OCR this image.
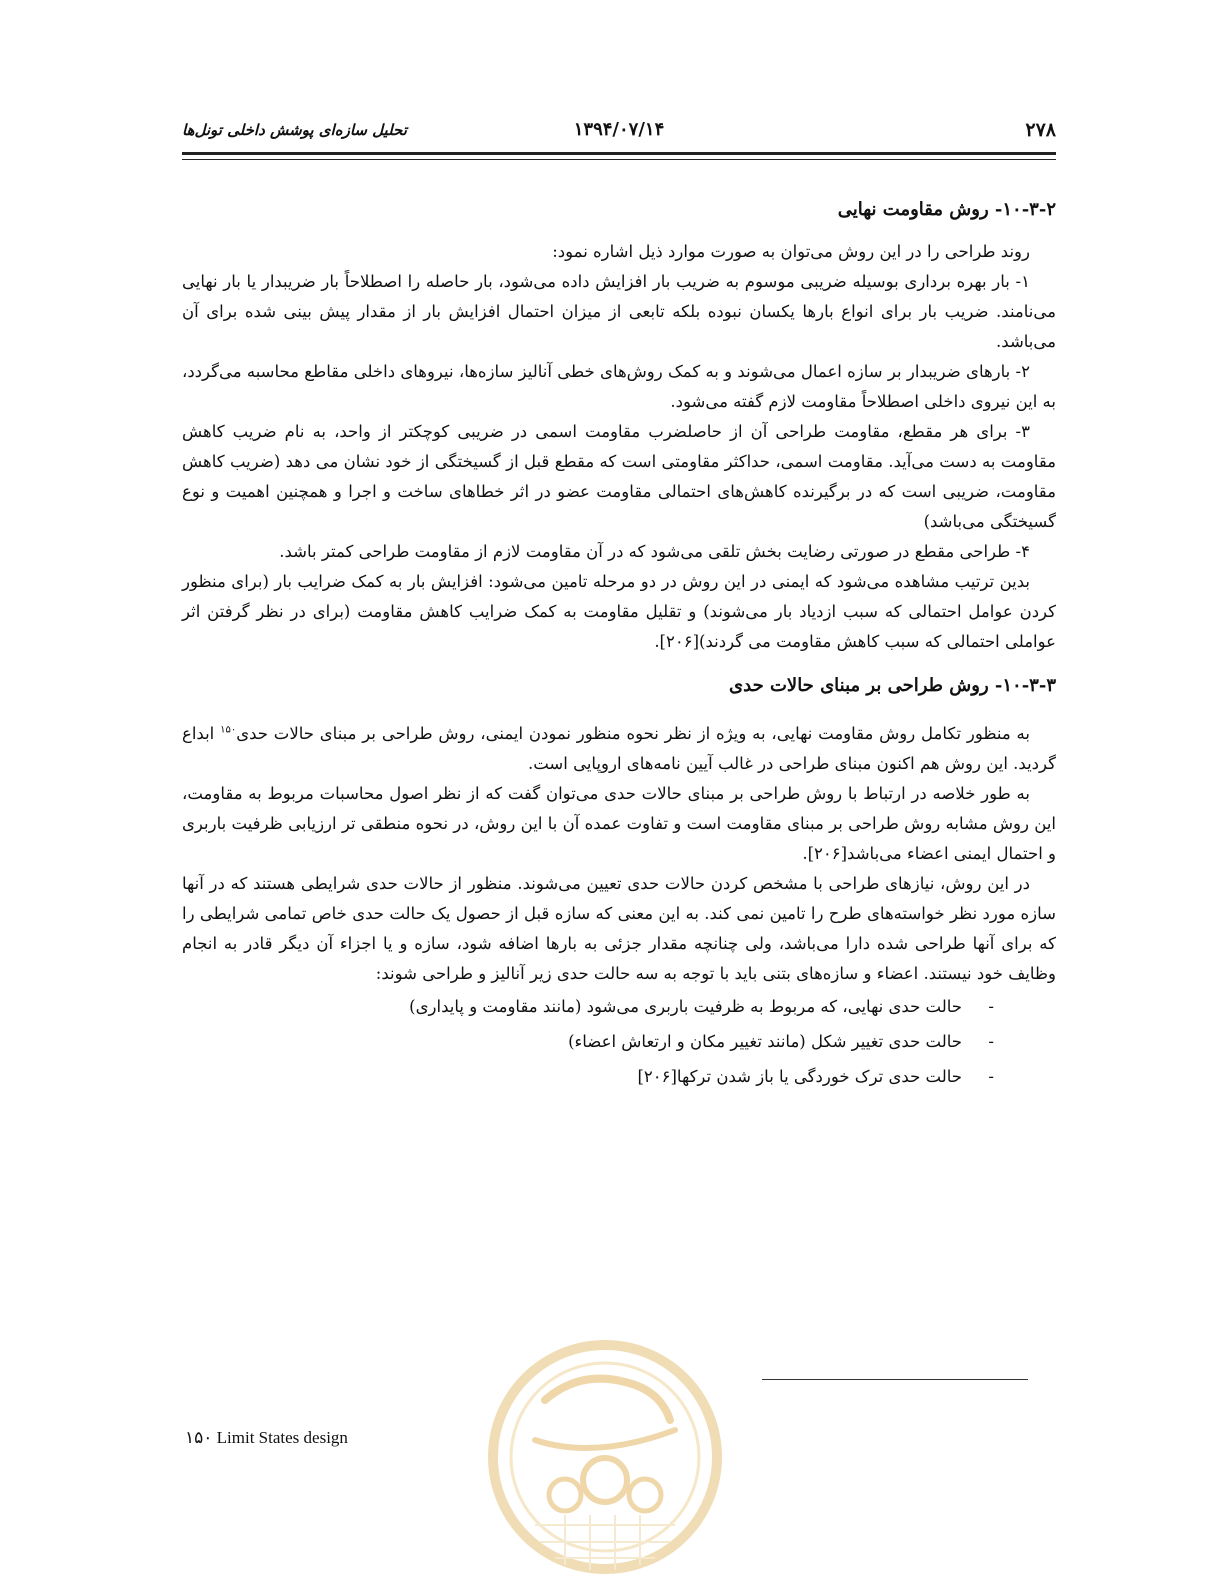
تحلیل سازه‌ای پوشش داخلی تونل‌ها	۱۳۹۴/۰۷/۱۴	۲۷۸
۱۰-۳-۲- روش مقاومت نهایی

روند طراحی را در این روش می‌توان به صورت موارد ذیل اشاره نمود:

۱- بار بهره برداری بوسیله ضریبی موسوم به ضریب بار افزایش داده می‌شود، بار حاصله را اصطلاحاً بار ضریبدار یا بار نهایی می‌نامند. ضریب بار برای انواع بارها یکسان نبوده بلکه تابعی از میزان احتمال افزایش بار از مقدار پیش بینی شده برای آن می‌باشد.

۲- بارهای ضریبدار بر سازه اعمال می‌شوند و به کمک روش‌های خطی آنالیز سازه‌ها، نیروهای داخلی مقاطع محاسبه می‌گردد، به این نیروی داخلی اصطلاحاً مقاومت لازم گفته می‌شود.

۳- برای هر مقطع، مقاومت طراحی آن از حاصلضرب مقاومت اسمی در ضریبی کوچکتر از واحد، به نام ضریب کاهش مقاومت به دست می‌آید. مقاومت اسمی، حداکثر مقاومتی است که مقطع قبل از گسیختگی از خود نشان می دهد (ضریب کاهش مقاومت، ضریبی است که در برگیرنده کاهش‌های احتمالی مقاومت عضو در اثر خطاهای ساخت و اجرا و همچنین اهمیت و نوع گسیختگی می‌باشد)

۴- طراحی مقطع در صورتی رضایت بخش تلقی می‌شود که در آن مقاومت لازم از مقاومت طراحی کمتر باشد.

بدین ترتیب مشاهده می‌شود که ایمنی در این روش در دو مرحله تامین می‌شود: افزایش بار به کمک ضرایب بار (برای منظور کردن عوامل احتمالی که سبب ازدیاد بار می‌شوند) و تقلیل مقاومت به کمک ضرایب کاهش مقاومت (برای در نظر گرفتن اثر عواملی احتمالی که سبب کاهش مقاومت می گردند)[۲۰۶].

۱۰-۳-۳- روش طراحی بر مبنای حالات حدی

به منظور تکامل روش مقاومت نهایی، به ویژه از نظر نحوه منظور نمودن ایمنی، روش طراحی بر مبنای حالات حدی$^{۱۵۰}$ ابداع گردید. این روش هم اکنون مبنای طراحی در غالب آیین نامه‌های اروپایی است.

به طور خلاصه در ارتباط با روش طراحی بر مبنای حالات حدی می‌توان گفت که از نظر اصول محاسبات مربوط به مقاومت، این روش مشابه روش طراحی بر مبنای مقاومت است و تفاوت عمده آن با این روش، در نحوه منطقی تر ارزیابی ظرفیت باربری و احتمال ایمنی اعضاء می‌باشد[۲۰۶].

در این روش، نیازهای طراحی با مشخص کردن حالات حدی تعیین می‌شوند. منظور از حالات حدی شرایطی هستند که در آنها سازه مورد نظر خواسته‌های طرح را تامین نمی کند. به این معنی که سازه قبل از حصول یک حالت حدی خاص تمامی شرایطی را که برای آنها طراحی شده دارا می‌باشد، ولی چنانچه مقدار جزئی به بارها اضافه شود، سازه و یا اجزاء آن دیگر قادر به انجام وظایف خود نیستند. اعضاء و سازه‌های بتنی باید با توجه به سه حالت حدی زیر آنالیز و طراحی شوند:

-
حالت حدی نهایی، که مربوط به ظرفیت باربری می‌شود (مانند مقاومت و پایداری)
-
حالت حدی تغییر شکل (مانند تغییر مکان و ارتعاش اعضاء)
-
حالت حدی ترک خوردگی یا باز شدن ترکها[۲۰۶]
۱۵۰ Limit States design
